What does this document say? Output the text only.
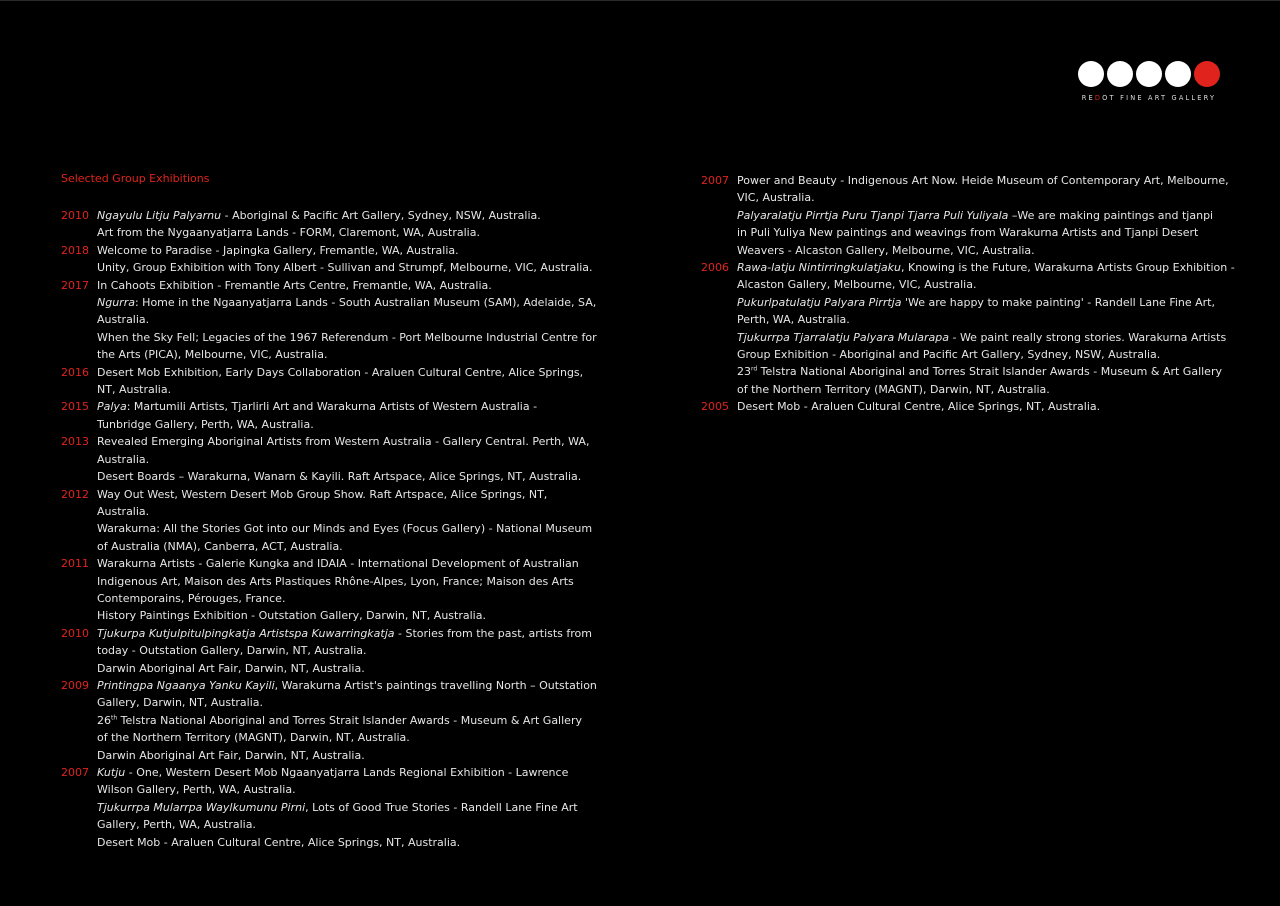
REDOT FINE ART GALLERY
Selected Group Exhibitions
2010 Ngayulu Litju Palyarnu - Aboriginal & Pacific Art Gallery, Sydney, NSW, Australia.
Art from the Nygaanyatjarra Lands - FORM, Claremont, WA, Australia.
2018 Welcome to Paradise - Japingka Gallery, Fremantle, WA, Australia.
Unity, Group Exhibition with Tony Albert - Sullivan and Strumpf, Melbourne, VIC, Australia.
2017 In Cahoots Exhibition - Fremantle Arts Centre, Fremantle, WA, Australia.
Ngurra: Home in the Ngaanyatjarra Lands - South Australian Museum (SAM), Adelaide, SA,
Australia.
When the Sky Fell; Legacies of the 1967 Referendum - Port Melbourne Industrial Centre for
the Arts (PICA), Melbourne, VIC, Australia.
2016 Desert Mob Exhibition, Early Days Collaboration - Araluen Cultural Centre, Alice Springs,
NT, Australia.
2015 Palya: Martumili Artists, Tjarlirli Art and Warakurna Artists of Western Australia -
Tunbridge Gallery, Perth, WA, Australia.
2013 Revealed Emerging Aboriginal Artists from Western Australia - Gallery Central. Perth, WA,
Australia.
Desert Boards – Warakurna, Wanarn & Kayili. Raft Artspace, Alice Springs, NT, Australia.
2012 Way Out West, Western Desert Mob Group Show. Raft Artspace, Alice Springs, NT, Australia.
Warakurna: All the Stories Got into our Minds and Eyes (Focus Gallery) - National Museum
of Australia (NMA), Canberra, ACT, Australia.
2011 Warakurna Artists - Galerie Kungka and IDAIA - International Development of Australian
Indigenous Art, Maison des Arts Plastiques Rhône-Alpes, Lyon, France; Maison des Arts
Contemporains, Pérouges, France.
History Paintings Exhibition - Outstation Gallery, Darwin, NT, Australia.
2010 Tjukurpa Kutjulpitulpingkatja Artistspa Kuwarringkatja - Stories from the past, artists from
today - Outstation Gallery, Darwin, NT, Australia.
Darwin Aboriginal Art Fair, Darwin, NT, Australia.
2009 Printingpa Ngaanya Yanku Kayili, Warakurna Artist's paintings travelling North – Outstation
Gallery, Darwin, NT, Australia.
26th Telstra National Aboriginal and Torres Strait Islander Awards - Museum & Art Gallery
of the Northern Territory (MAGNT), Darwin, NT, Australia.
Darwin Aboriginal Art Fair, Darwin, NT, Australia.
2007 Kutju - One, Western Desert Mob Ngaanyatjarra Lands Regional Exhibition - Lawrence
Wilson Gallery, Perth, WA, Australia.
Tjukurrpa Mularrpa Waylkumunu Pirni, Lots of Good True Stories - Randell Lane Fine Art
Gallery, Perth, WA, Australia.
Desert Mob - Araluen Cultural Centre, Alice Springs, NT, Australia.
2007 Power and Beauty - Indigenous Art Now. Heide Museum of Contemporary Art, Melbourne,
VIC, Australia.
Palyaralatju Pirrtja Puru Tjanpi Tjarra Puli Yuliyala –We are making paintings and tjanpi
in Puli Yuliya New paintings and weavings from Warakurna Artists and Tjanpi Desert
Weavers - Alcaston Gallery, Melbourne, VIC, Australia.
2006 Rawa-latju Nintirringkulatjaku, Knowing is the Future, Warakurna Artists Group Exhibition -
Alcaston Gallery, Melbourne, VIC, Australia.
Pukurlpatulatju Palyara Pirrtja 'We are happy to make painting' - Randell Lane Fine Art,
Perth, WA, Australia.
Tjukurrpa Tjarralatju Palyara Mularapa - We paint really strong stories. Warakurna Artists
Group Exhibition - Aboriginal and Pacific Art Gallery, Sydney, NSW, Australia.
23rd Telstra National Aboriginal and Torres Strait Islander Awards - Museum & Art Gallery
of the Northern Territory (MAGNT), Darwin, NT, Australia.
2005 Desert Mob - Araluen Cultural Centre, Alice Springs, NT, Australia.
